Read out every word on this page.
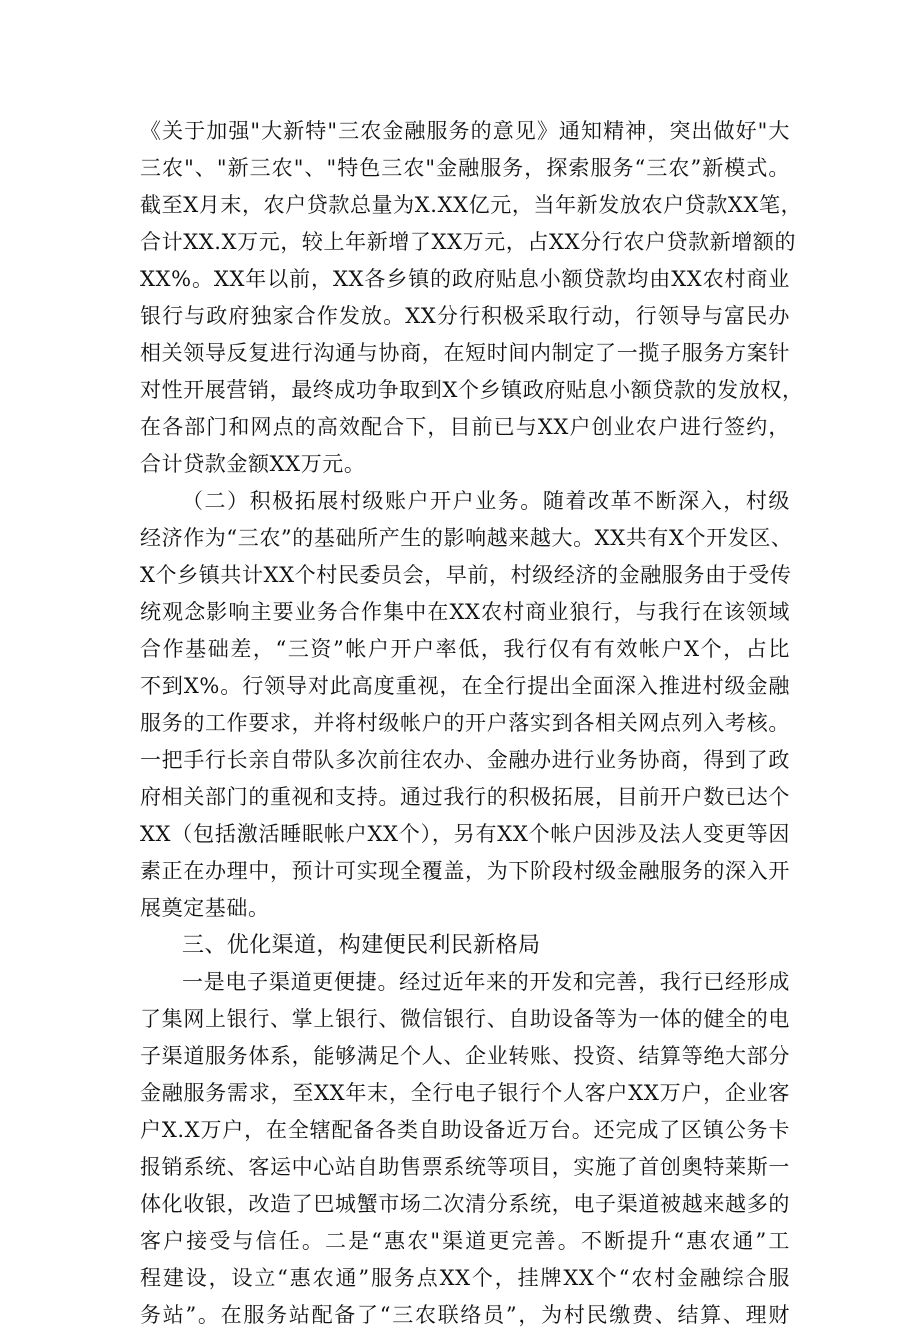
《关于加强"大新特"三农金融服务的意见》通知精神，突出做好"大
三农"、"新三农"、"特色三农"金融服务，探索服务“三农”新模式。
截至X月末，农户贷款总量为X.XX亿元，当年新发放农户贷款XX笔，
合计XX.X万元，较上年新增了XX万元，占XX分行农户贷款新增额的
XX%。XX年以前，XX各乡镇的政府贴息小额贷款均由XX农村商业
银行与政府独家合作发放。XX分行积极采取行动，行领导与富民办
相关领导反复进行沟通与协商，在短时间内制定了一揽子服务方案针
对性开展营销，最终成功争取到X个乡镇政府贴息小额贷款的发放权，
在各部门和网点的高效配合下，目前已与XX户创业农户进行签约，
合计贷款金额XX万元。
（二）积极拓展村级账户开户业务。随着改革不断深入，村级
经济作为“三农”的基础所产生的影响越来越大。XX共有X个开发区、
X个乡镇共计XX个村民委员会，早前，村级经济的金融服务由于受传
统观念影响主要业务合作集中在XX农村商业狼行，与我行在该领域
合作基础差，“三资”帐户开户率低，我行仅有有效帐户X个，占比
不到X%。行领导对此高度重视，在全行提出全面深入推进村级金融
服务的工作要求，并将村级帐户的开户落实到各相关网点列入考核。
一把手行长亲自带队多次前往农办、金融办进行业务协商，得到了政
府相关部门的重视和支持。通过我行的积极拓展，目前开户数已达个
XX（包括激活睡眠帐户XX个），另有XX个帐户因涉及法人变更等因
素正在办理中，预计可实现全覆盖，为下阶段村级金融服务的深入开
展奠定基础。
三、优化渠道，构建便民利民新格局
一是电子渠道更便捷。经过近年来的开发和完善，我行已经形成
了集网上银行、掌上银行、微信银行、自助设备等为一体的健全的电
子渠道服务体系，能够满足个人、企业转账、投资、结算等绝大部分
金融服务需求，至XX年末，全行电子银行个人客户XX万户，企业客
户X.X万户，在全辖配备各类自助设备近万台。还完成了区镇公务卡
报销系统、客运中心站自助售票系统等项目，实施了首创奥特莱斯一
体化收银，改造了巴城蟹市场二次清分系统，电子渠道被越来越多的
客户接受与信任。二是“惠农"渠道更完善。不断提升“惠农通”工
程建设，设立“惠农通”服务点XX个，挂牌XX个“农村金融综合服
务站”。在服务站配备了“三农联络员”，为村民缴费、结算、理财
